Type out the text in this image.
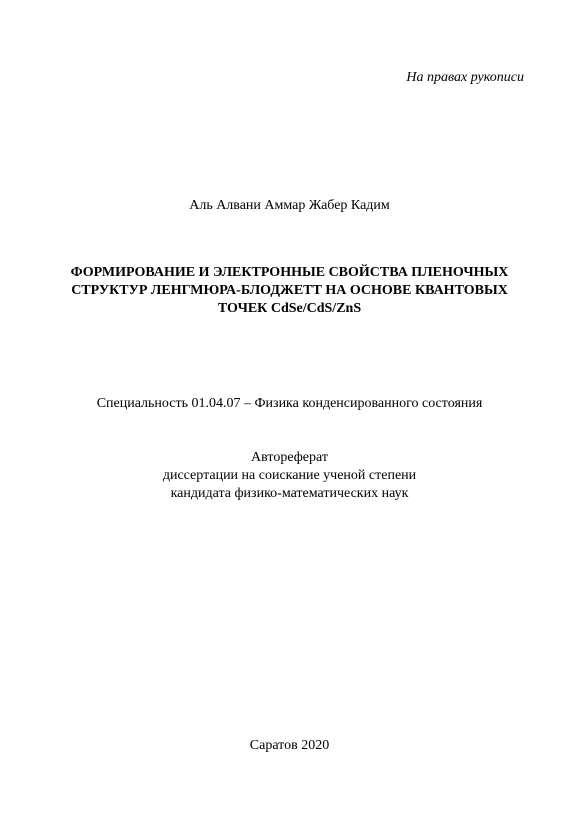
На правах рукописи
Аль Алвани Аммар Жабер Кадим
ФОРМИРОВАНИЕ И ЭЛЕКТРОННЫЕ СВОЙСТВА ПЛЕНОЧНЫХ
СТРУКТУР ЛЕНГМЮРА-БЛОДЖЕТТ НА ОСНОВЕ КВАНТОВЫХ
ТОЧЕК CdSe/CdS/ZnS
Специальность 01.04.07 – Физика конденсированного состояния
Автореферат
диссертации на соискание ученой степени
кандидата физико-математических наук
Саратов 2020
